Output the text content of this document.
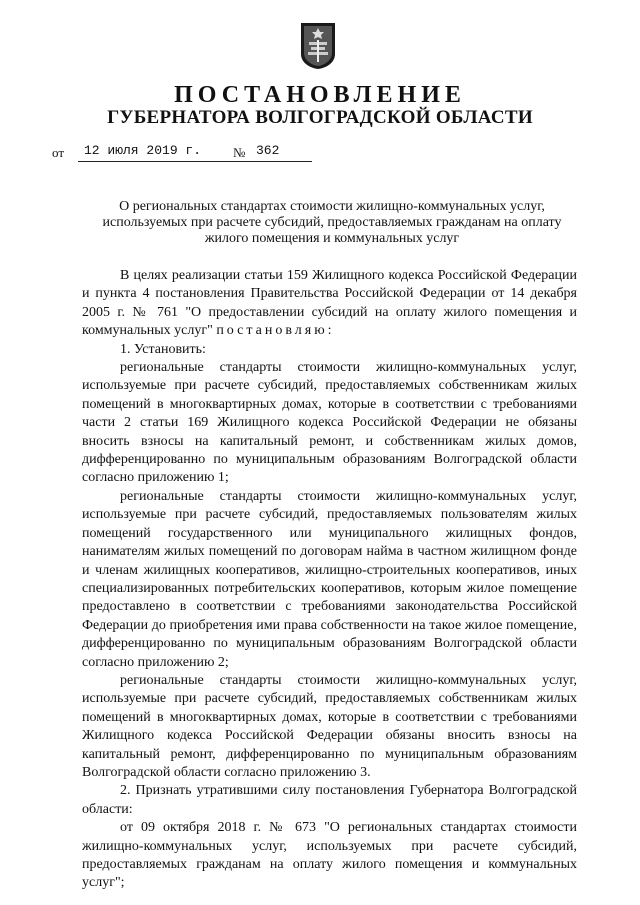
ПОСТАНОВЛЕНИЕ
ГУБЕРНАТОРА ВОЛГОГРАДСКОЙ ОБЛАСТИ
от 12 июля 2019 г. № 362
О региональных стандартах стоимости жилищно-коммунальных услуг, используемых при расчете субсидий, предоставляемых гражданам на оплату жилого помещения и коммунальных услуг

В целях реализации статьи 159 Жилищного кодекса Российской Федерации и пункта 4 постановления Правительства Российской Федерации от 14 декабря 2005 г. № 761 "О предоставлении субсидий на оплату жилого помещения и коммунальных услуг" постановляю:

1. Установить:

региональные стандарты стоимости жилищно-коммунальных услуг, используемые при расчете субсидий, предоставляемых собственникам жилых помещений в многоквартирных домах, которые в соответствии с требованиями части 2 статьи 169 Жилищного кодекса Российской Федерации не обязаны вносить взносы на капитальный ремонт, и собственникам жилых домов, дифференцированно по муниципальным образованиям Волгоградской области согласно приложению 1;

региональные стандарты стоимости жилищно-коммунальных услуг, используемые при расчете субсидий, предоставляемых пользователям жилых помещений государственного или муниципального жилищных фондов, нанимателям жилых помещений по договорам найма в частном жилищном фонде и членам жилищных кооперативов, жилищно-строительных кооперативов, иных специализированных потребительских кооперативов, которым жилое помещение предоставлено в соответствии с требованиями законодательства Российской Федерации до приобретения ими права собственности на такое жилое помещение, дифференцированно по муниципальным образованиям Волгоградской области согласно приложению 2;

региональные стандарты стоимости жилищно-коммунальных услуг, используемые при расчете субсидий, предоставляемых собственникам жилых помещений в многоквартирных домах, которые в соответствии с требованиями Жилищного кодекса Российской Федерации обязаны вносить взносы на капитальный ремонт, дифференцированно по муниципальным образованиям Волгоградской области согласно приложению 3.

2. Признать утратившими силу постановления Губернатора Волгоградской области:

от 09 октября 2018 г. № 673 "О региональных стандартах стоимости жилищно-коммунальных услуг, используемых при расчете субсидий, предоставляемых гражданам на оплату жилого помещения и коммунальных услуг";
